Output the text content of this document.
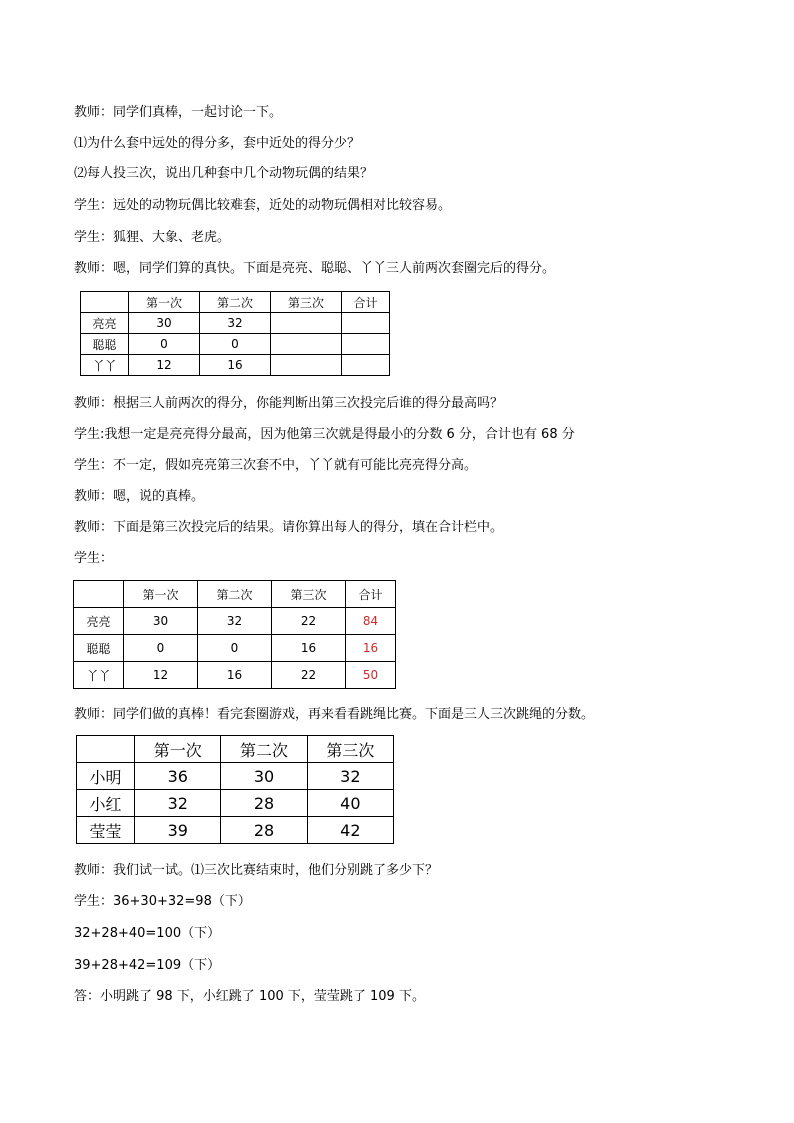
教师：同学们真棒，一起讨论一下。
⑴为什么套中远处的得分多，套中近处的得分少？
⑵每人投三次，说出几种套中几个动物玩偶的结果？
学生：远处的动物玩偶比较难套，近处的动物玩偶相对比较容易。
学生：狐狸、大象、老虎。
教师：嗯，同学们算的真快。下面是亮亮、聪聪、丫丫三人前两次套圈完后的得分。
	第一次	第二次	第三次	合计
亮亮	30	32		
聪聪	0	0		
丫丫	12	16		
教师：根据三人前两次的得分，你能判断出第三次投完后谁的得分最高吗？
学生:我想一定是亮亮得分最高，因为他第三次就是得最小的分数 6 分，合计也有 68 分
学生：不一定，假如亮亮第三次套不中，丫丫就有可能比亮亮得分高。
教师：嗯，说的真棒。
教师：下面是第三次投完后的结果。请你算出每人的得分，填在合计栏中。
学生：
	第一次	第二次	第三次	合计
亮亮	30	32	22	84
聪聪	0	0	16	16
丫丫	12	16	22	50
教师：同学们做的真棒！看完套圈游戏，再来看看跳绳比赛。下面是三人三次跳绳的分数。
	第一次	第二次	第三次
小明	36	30	32
小红	32	28	40
莹莹	39	28	42
教师：我们试一试。⑴三次比赛结束时，他们分别跳了多少下？
学生：36+30+32=98（下）
32+28+40=100（下）
39+28+42=109（下）
答：小明跳了 98 下，小红跳了 100 下，莹莹跳了 109 下。
